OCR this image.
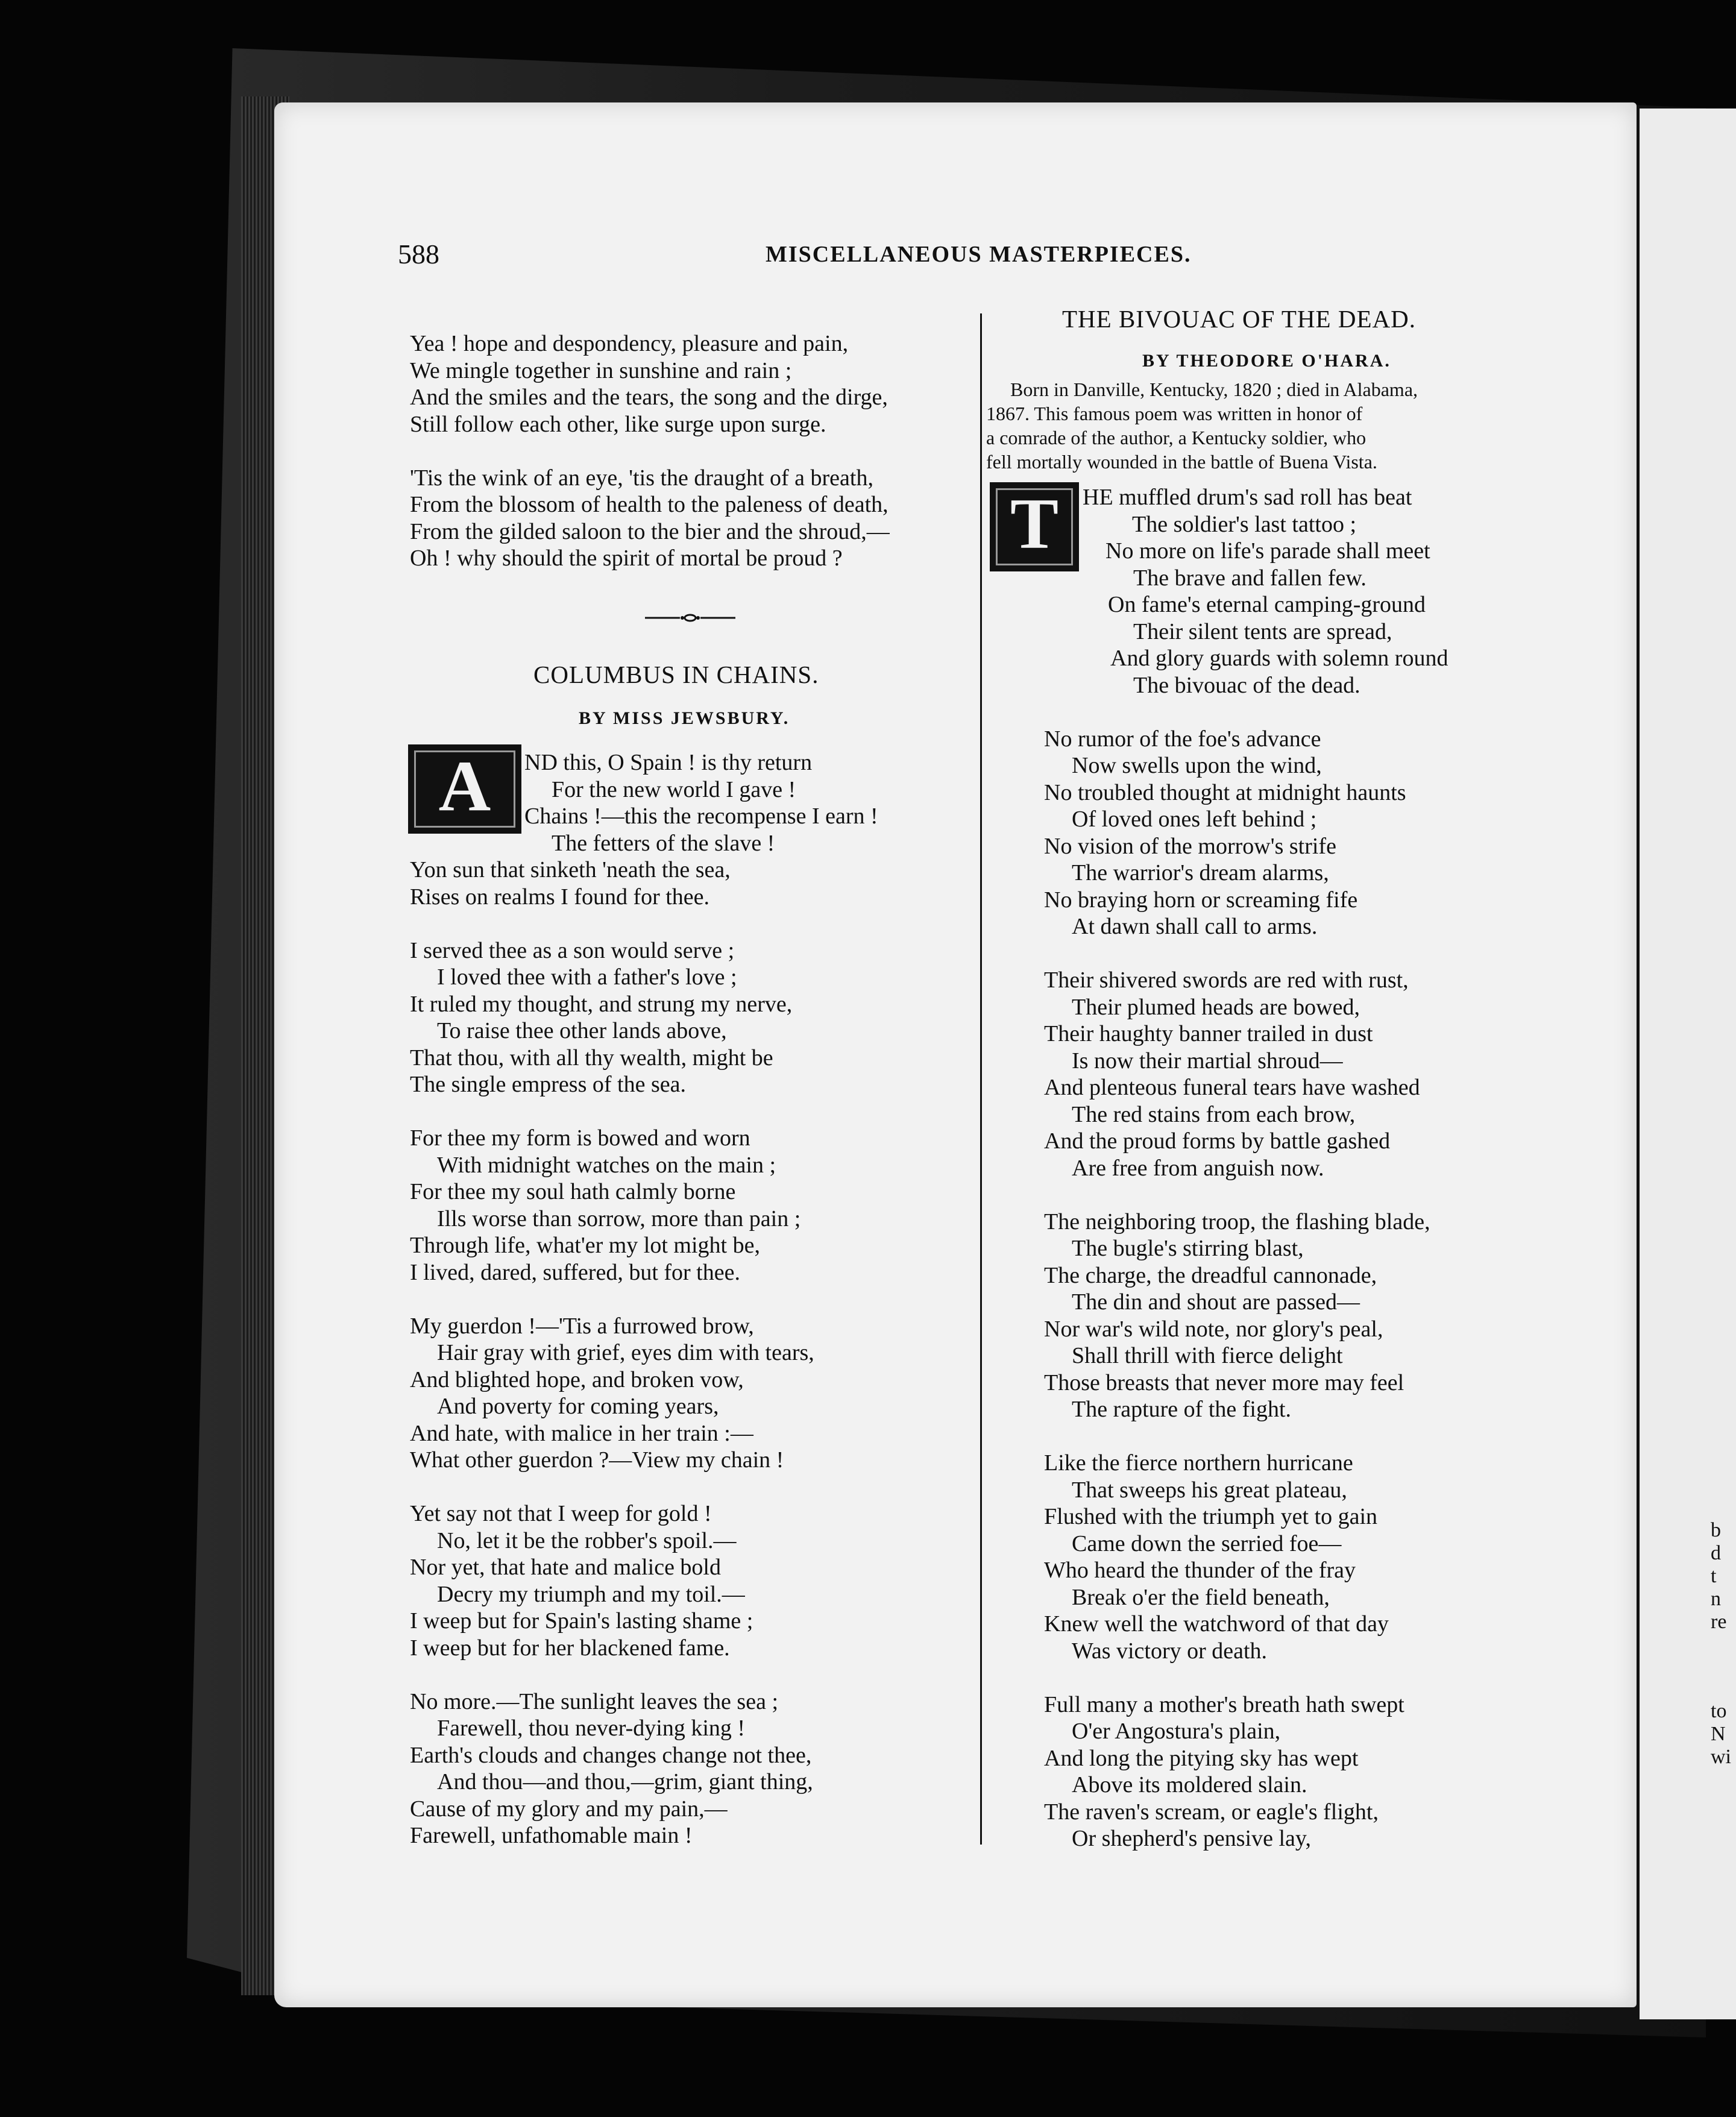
b
d
t
n
re
to
N
wi
588	MISCELLANEOUS MASTERPIECES.
Yea ! hope and despondency, pleasure and pain,
We mingle together in sunshine and rain ;
And the smiles and the tears, the song and the dirge,
Still follow each other, like surge upon surge.
'Tis the wink of an eye, 'tis the draught of a breath,
From the blossom of health to the paleness of death,
From the gilded saloon to the bier and the shroud,—
Oh ! why should the spirit of mortal be proud ?
COLUMBUS IN CHAINS.
BY MISS JEWSBURY.
A	ND this, O Spain ! is thy return
For the new world I gave !
Chains !—this the recompense I earn !
The fetters of the slave !
Yon sun that sinketh 'neath the sea,
Rises on realms I found for thee.
I served thee as a son would serve ;
I loved thee with a father's love ;
It ruled my thought, and strung my nerve,
To raise thee other lands above,
That thou, with all thy wealth, might be
The single empress of the sea.
For thee my form is bowed and worn
With midnight watches on the main ;
For thee my soul hath calmly borne
Ills worse than sorrow, more than pain ;
Through life, what'er my lot might be,
I lived, dared, suffered, but for thee.
My guerdon !—'Tis a furrowed brow,
Hair gray with grief, eyes dim with tears,
And blighted hope, and broken vow,
And poverty for coming years,
And hate, with malice in her train :—
What other guerdon ?—View my chain !
Yet say not that I weep for gold !
No, let it be the robber's spoil.—
Nor yet, that hate and malice bold
Decry my triumph and my toil.—
I weep but for Spain's lasting shame ;
I weep but for her blackened fame.
No more.—The sunlight leaves the sea ;
Farewell, thou never-dying king !
Earth's clouds and changes change not thee,
And thou—and thou,—grim, giant thing,
Cause of my glory and my pain,—
Farewell, unfathomable main !
THE BIVOUAC OF THE DEAD.
BY THEODORE O'HARA.
Born in Danville, Kentucky, 1820 ; died in Alabama,
1867. This famous poem was written in honor of
a comrade of the author, a Kentucky soldier, who
fell mortally wounded in the battle of Buena Vista.
T	HE muffled drum's sad roll has beat
The soldier's last tattoo ;
No more on life's parade shall meet
The brave and fallen few.
On fame's eternal camping-ground
Their silent tents are spread,
And glory guards with solemn round
The bivouac of the dead.
No rumor of the foe's advance
Now swells upon the wind,
No troubled thought at midnight haunts
Of loved ones left behind ;
No vision of the morrow's strife
The warrior's dream alarms,
No braying horn or screaming fife
At dawn shall call to arms.
Their shivered swords are red with rust,
Their plumed heads are bowed,
Their haughty banner trailed in dust
Is now their martial shroud—
And plenteous funeral tears have washed
The red stains from each brow,
And the proud forms by battle gashed
Are free from anguish now.
The neighboring troop, the flashing blade,
The bugle's stirring blast,
The charge, the dreadful cannonade,
The din and shout are passed—
Nor war's wild note, nor glory's peal,
Shall thrill with fierce delight
Those breasts that never more may feel
The rapture of the fight.
Like the fierce northern hurricane
That sweeps his great plateau,
Flushed with the triumph yet to gain
Came down the serried foe—
Who heard the thunder of the fray
Break o'er the field beneath,
Knew well the watchword of that day
Was victory or death.
Full many a mother's breath hath swept
O'er Angostura's plain,
And long the pitying sky has wept
Above its moldered slain.
The raven's scream, or eagle's flight,
Or shepherd's pensive lay,
